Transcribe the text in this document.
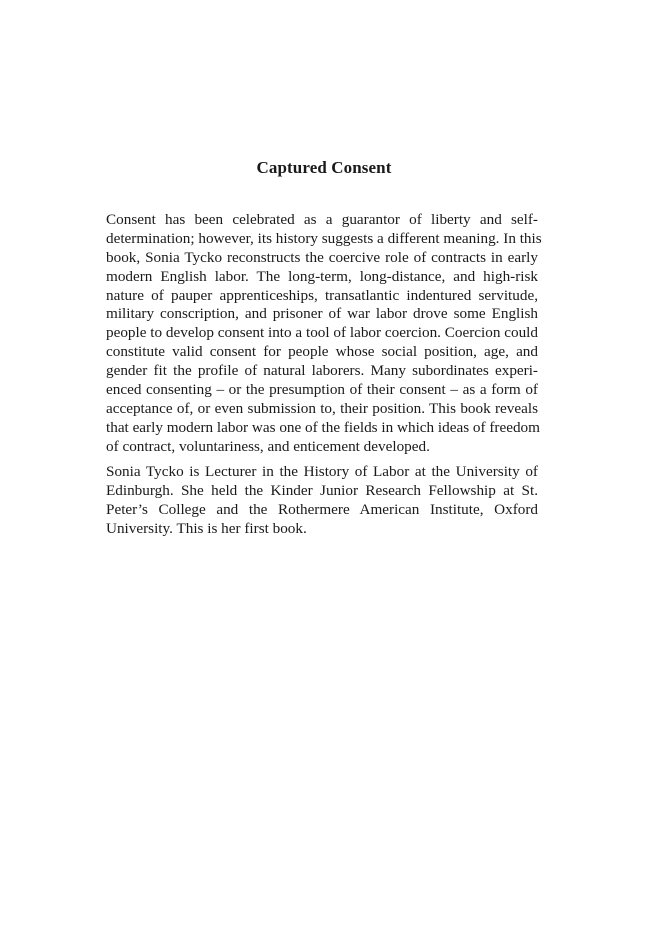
Captured Consent
Consent has been celebrated as a guarantor of liberty and self-
determination; however, its history suggests a different meaning. In this
book, Sonia Tycko reconstructs the coercive role of contracts in early
modern English labor. The long-term, long-distance, and high-risk
nature of pauper apprenticeships, transatlantic indentured servitude,
military conscription, and prisoner of war labor drove some English
people to develop consent into a tool of labor coercion. Coercion could
constitute valid consent for people whose social position, age, and
gender fit the profile of natural laborers. Many subordinates experi-
enced consenting – or the presumption of their consent – as a form of
acceptance of, or even submission to, their position. This book reveals
that early modern labor was one of the fields in which ideas of freedom
of contract, voluntariness, and enticement developed.
Sonia Tycko is Lecturer in the History of Labor at the University of
Edinburgh. She held the Kinder Junior Research Fellowship at St.
Peter’s College and the Rothermere American Institute, Oxford
University. This is her first book.
